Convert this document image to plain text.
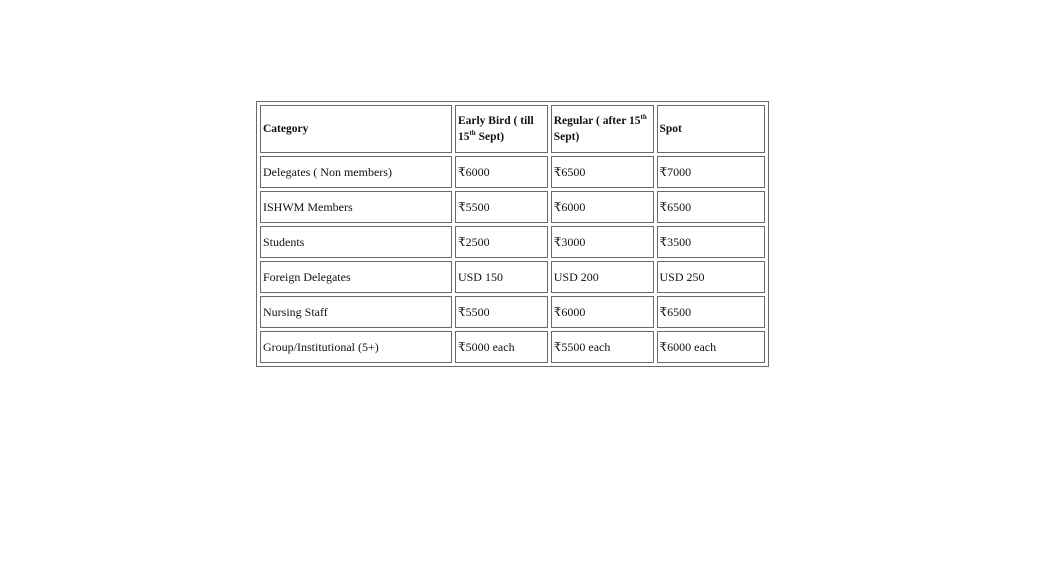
Category	Early Bird ( till 15th Sept)	Regular ( after 15th Sept)	Spot
Delegates ( Non members)	₹6000	₹6500	₹7000
ISHWM Members	₹5500	₹6000	₹6500
Students	₹2500	₹3000	₹3500
Foreign Delegates	USD 150	USD 200	USD 250
Nursing Staff	₹5500	₹6000	₹6500
Group/Institutional (5+)	₹5000 each	₹5500 each	₹6000 each
